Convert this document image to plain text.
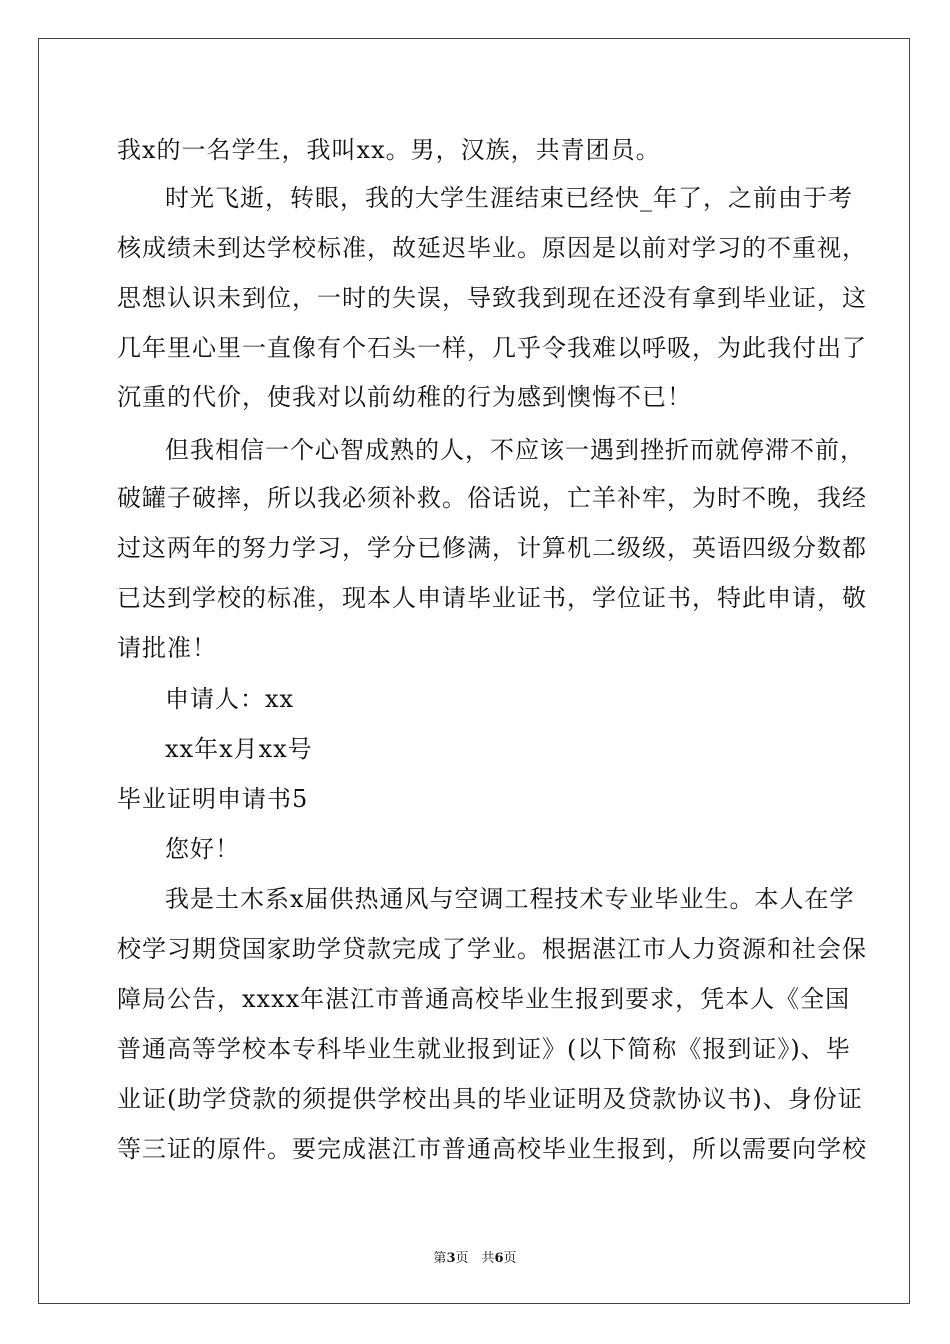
我x的一名学生，我叫xx。男，汉族，共青团员。
时光飞逝，转眼，我的大学生涯结束已经快_年了，之前由于考
核成绩未到达学校标准，故延迟毕业。原因是以前对学习的不重视，
思想认识未到位，一时的失误，导致我到现在还没有拿到毕业证，这
几年里心里一直像有个石头一样，几乎令我难以呼吸，为此我付出了
沉重的代价，使我对以前幼稚的行为感到懊悔不已！
但我相信一个心智成熟的人，不应该一遇到挫折而就停滞不前，
破罐子破摔，所以我必须补救。俗话说，亡羊补牢，为时不晚，我经
过这两年的努力学习，学分已修满，计算机二级级，英语四级分数都
已达到学校的标准，现本人申请毕业证书，学位证书，特此申请，敬
请批准！
申请人：xx
xx年x月xx号
毕业证明申请书5
您好！
我是土木系x届供热通风与空调工程技术专业毕业生。本人在学
校学习期贷国家助学贷款完成了学业。根据湛江市人力资源和社会保
障局公告，xxxx年湛江市普通高校毕业生报到要求，凭本人《全国
普通高等学校本专科毕业生就业报到证》(以下简称《报到证》)、毕
业证(助学贷款的须提供学校出具的毕业证明及贷款协议书)、身份证
等三证的原件。要完成湛江市普通高校毕业生报到，所以需要向学校
第3页　共6页
